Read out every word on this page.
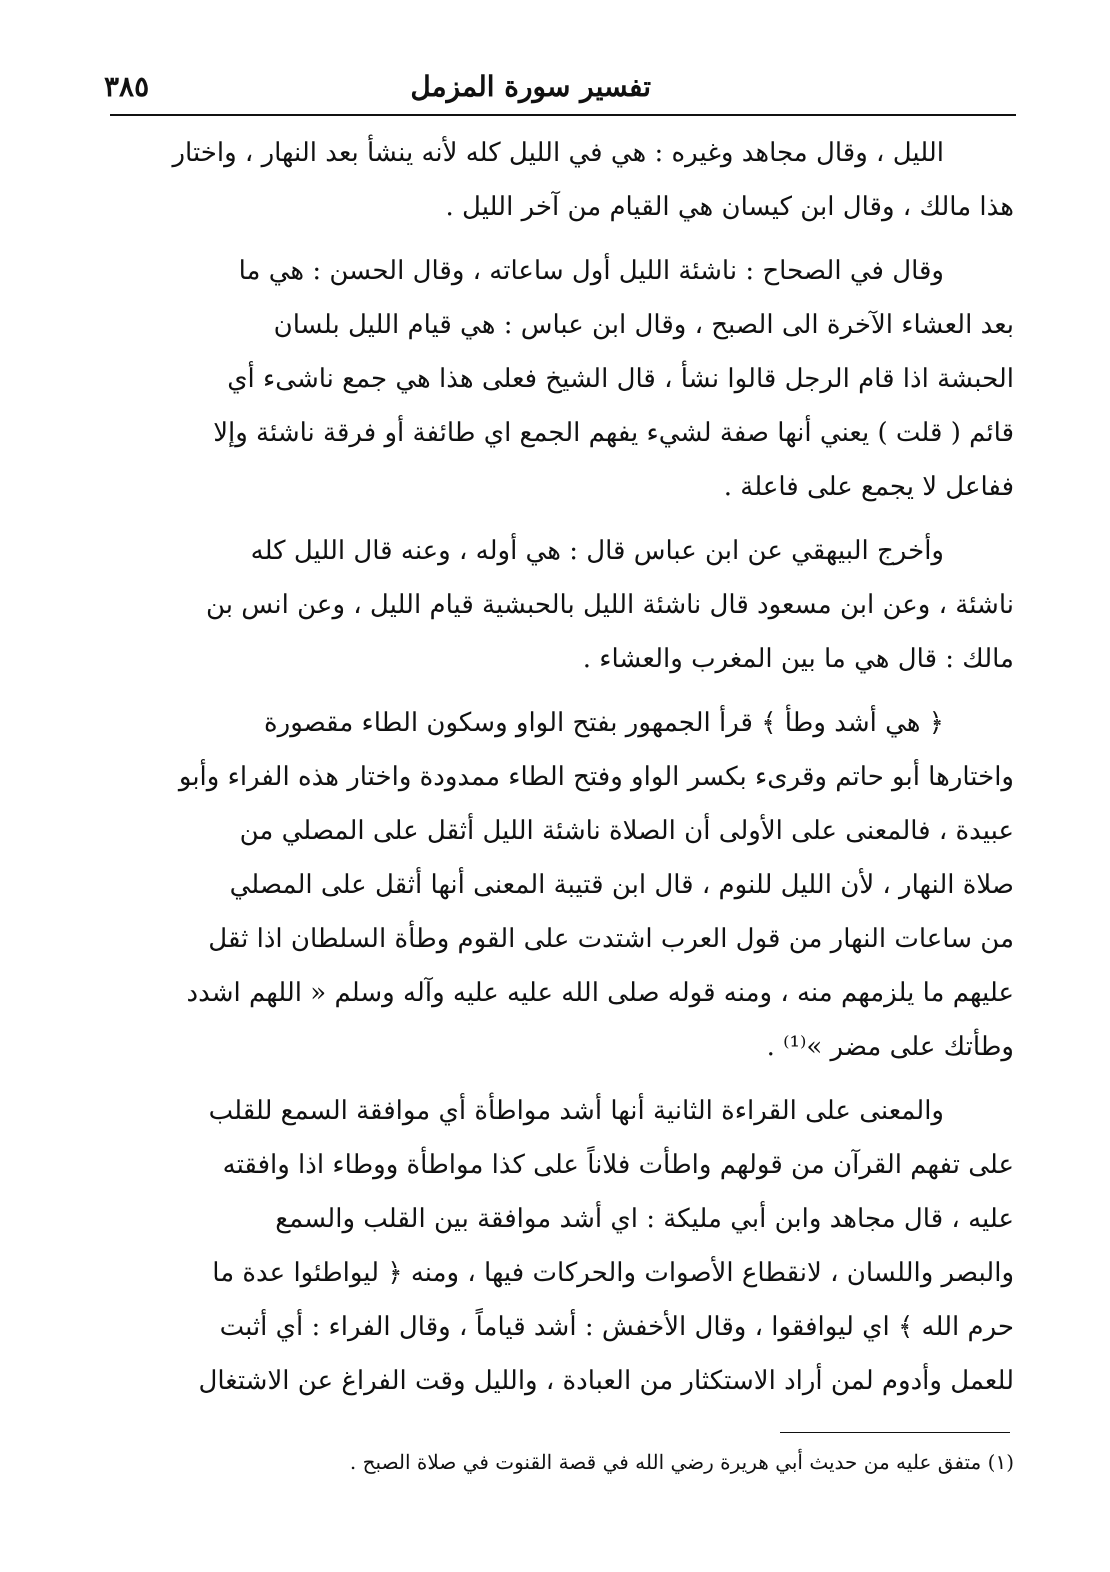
تفسير سورة المزمل
٣٨٥
الليل ، وقال مجاهد وغيره : هي في الليل كله لأنه ينشأ بعد النهار ، واختار
هذا مالك ، وقال ابن كيسان هي القيام من آخر الليل .
وقال في الصحاح : ناشئة الليل أول ساعاته ، وقال الحسن : هي ما
بعد العشاء الآخرة الى الصبح ، وقال ابن عباس : هي قيام الليل بلسان
الحبشة اذا قام الرجل قالوا نشأ ، قال الشيخ فعلى هذا هي جمع ناشىء أي
قائم ( قلت ) يعني أنها صفة لشيء يفهم الجمع اي طائفة أو فرقة ناشئة وإلا
ففاعل لا يجمع على فاعلة .
وأخرج البيهقي عن ابن عباس قال : هي أوله ، وعنه قال الليل كله
ناشئة ، وعن ابن مسعود قال ناشئة الليل بالحبشية قيام الليل ، وعن انس بن
مالك : قال هي ما بين المغرب والعشاء .
﴿ هي أشد وطأ ﴾ قرأ الجمهور بفتح الواو وسكون الطاء مقصورة
واختارها أبو حاتم وقرىء بكسر الواو وفتح الطاء ممدودة واختار هذه الفراء وأبو
عبيدة ، فالمعنى على الأولى أن الصلاة ناشئة الليل أثقل على المصلي من
صلاة النهار ، لأن الليل للنوم ، قال ابن قتيبة المعنى أنها أثقل على المصلي
من ساعات النهار من قول العرب اشتدت على القوم وطأة السلطان اذا ثقل
عليهم ما يلزمهم منه ، ومنه قوله صلى الله عليه عليه وآله وسلم « اللهم اشدد
وطأتك على مضر »⁽¹⁾ .
والمعنى على القراءة الثانية أنها أشد مواطأة أي موافقة السمع للقلب
على تفهم القرآن من قولهم واطأت فلاناً على كذا مواطأة ووطاء اذا وافقته
عليه ، قال مجاهد وابن أبي مليكة : اي أشد موافقة بين القلب والسمع
والبصر واللسان ، لانقطاع الأصوات والحركات فيها ، ومنه ﴿ ليواطئوا عدة ما
حرم الله ﴾ اي ليوافقوا ، وقال الأخفش : أشد قياماً ، وقال الفراء : أي أثبت
للعمل وأدوم لمن أراد الاستكثار من العبادة ، والليل وقت الفراغ عن الاشتغال
(١) متفق عليه من حديث أبي هريرة رضي الله في قصة القنوت في صلاة الصبح .
